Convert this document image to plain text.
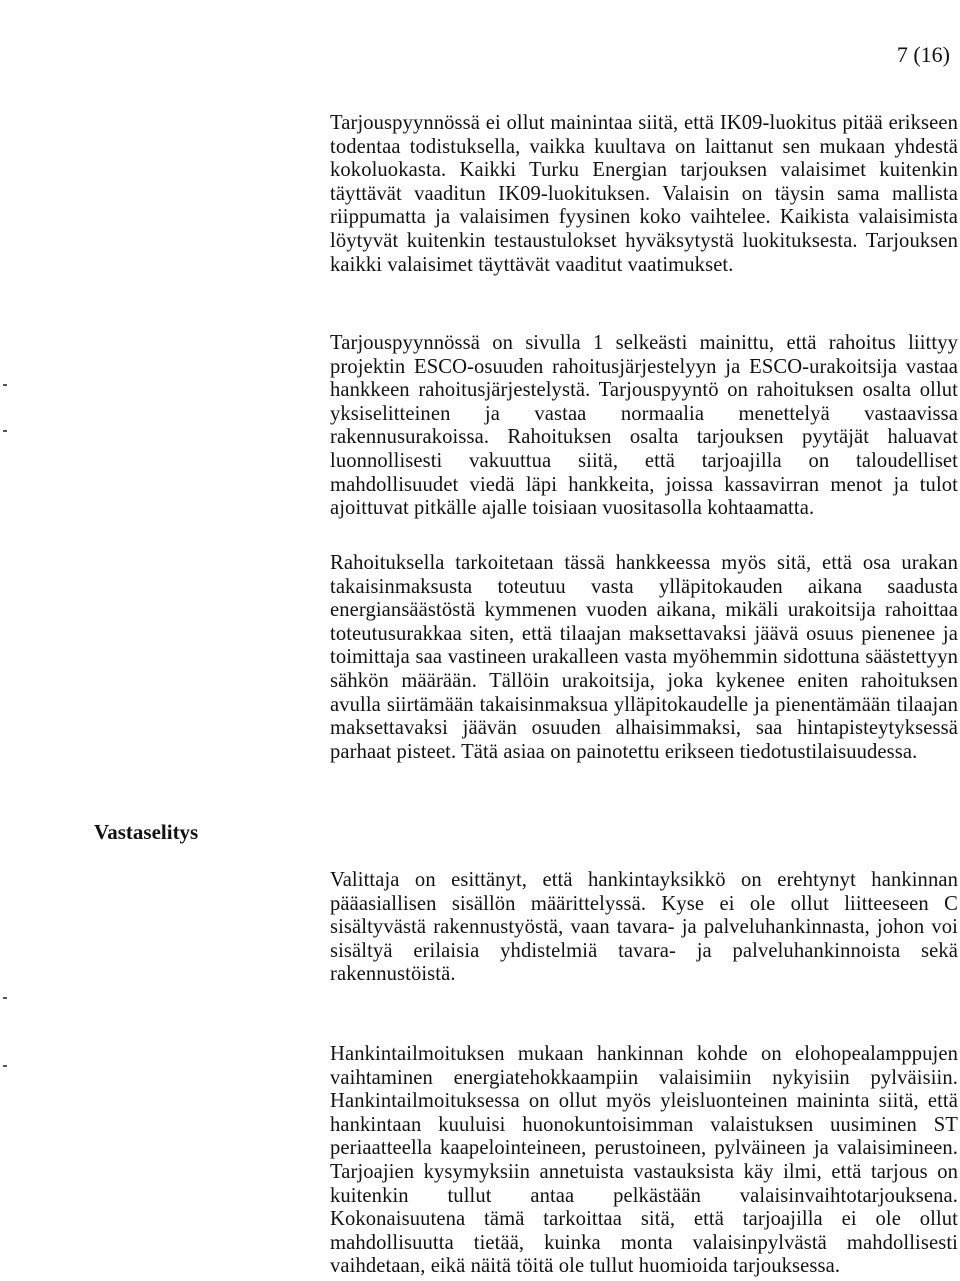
7 (16)
Vastaselitys

Tarjouspyynnössä ei ollut mainintaa siitä, että IK09-luokitus pitää erikseen todentaa todistuksella, vaikka kuultava on laittanut sen mukaan yhdestä kokoluokasta. Kaikki Turku Energian tarjouksen valaisimet kuitenkin täyttävät vaaditun IK09-luokituksen. Valaisin on täysin sama mallista riippumatta ja valaisimen fyysinen koko vaihtelee. Kaikista valaisimista löytyvät kuitenkin testaustulokset hyväksytystä luokituksesta. Tarjouksen kaikki valaisimet täyttävät vaaditut vaatimukset.

Tarjouspyynnössä on sivulla 1 selkeästi mainittu, että rahoitus liittyy projektin ESCO-osuuden rahoitusjärjestelyyn ja ESCO-urakoitsija vastaa hankkeen rahoitusjärjestelystä. Tarjouspyyntö on rahoituksen osalta ollut yksiselitteinen ja vastaa normaalia menettelyä vastaavissa rakennusurakoissa. Rahoituksen osalta tarjouksen pyytäjät haluavat luonnollisesti vakuuttua siitä, että tarjoajilla on taloudelliset mahdollisuudet viedä läpi hankkeita, joissa kassavirran menot ja tulot ajoittuvat pitkälle ajalle toisiaan vuositasolla kohtaamatta.

Rahoituksella tarkoitetaan tässä hankkeessa myös sitä, että osa urakan takaisinmaksusta toteutuu vasta ylläpitokauden aikana saadusta energiansäästöstä kymmenen vuoden aikana, mikäli urakoitsija rahoittaa toteutusurakkaa siten, että tilaajan maksettavaksi jäävä osuus pienenee ja toimittaja saa vastineen urakalleen vasta myöhemmin sidottuna säästettyyn sähkön määrään. Tällöin urakoitsija, joka kykenee eniten rahoituksen avulla siirtämään takaisinmaksua ylläpitokaudelle ja pienentämään tilaajan maksettavaksi jäävän osuuden alhaisimmaksi, saa hintapisteytyksessä parhaat pisteet. Tätä asiaa on painotettu erikseen tiedotustilaisuudessa.

Valittaja on esittänyt, että hankintayksikkö on erehtynyt hankinnan pääasiallisen sisällön määrittelyssä. Kyse ei ole ollut liitteeseen C sisältyvästä rakennustyöstä, vaan tavara- ja palveluhankinnasta, johon voi sisältyä erilaisia yhdistelmiä tavara- ja palveluhankinnoista sekä rakennustöistä.

Hankintailmoituksen mukaan hankinnan kohde on elohopealamppujen vaihtaminen energiatehokkaampiin valaisimiin nykyisiin pylväisiin. Hankintailmoituksessa on ollut myös yleisluonteinen maininta siitä, että hankintaan kuuluisi huonokuntoisimman valaistuksen uusiminen ST periaatteella kaapelointeineen, perustoineen, pylväineen ja valaisimineen. Tarjoajien kysymyksiin annetuista vastauksista käy ilmi, että tarjous on kuitenkin tullut antaa pelkästään valaisinvaihtotarjouksena. Kokonaisuutena tämä tarkoittaa sitä, että tarjoajilla ei ole ollut mahdollisuutta tietää, kuinka monta valaisinpylvästä mahdollisesti vaihdetaan, eikä näitä töitä ole tullut huomioida tarjouksessa.
